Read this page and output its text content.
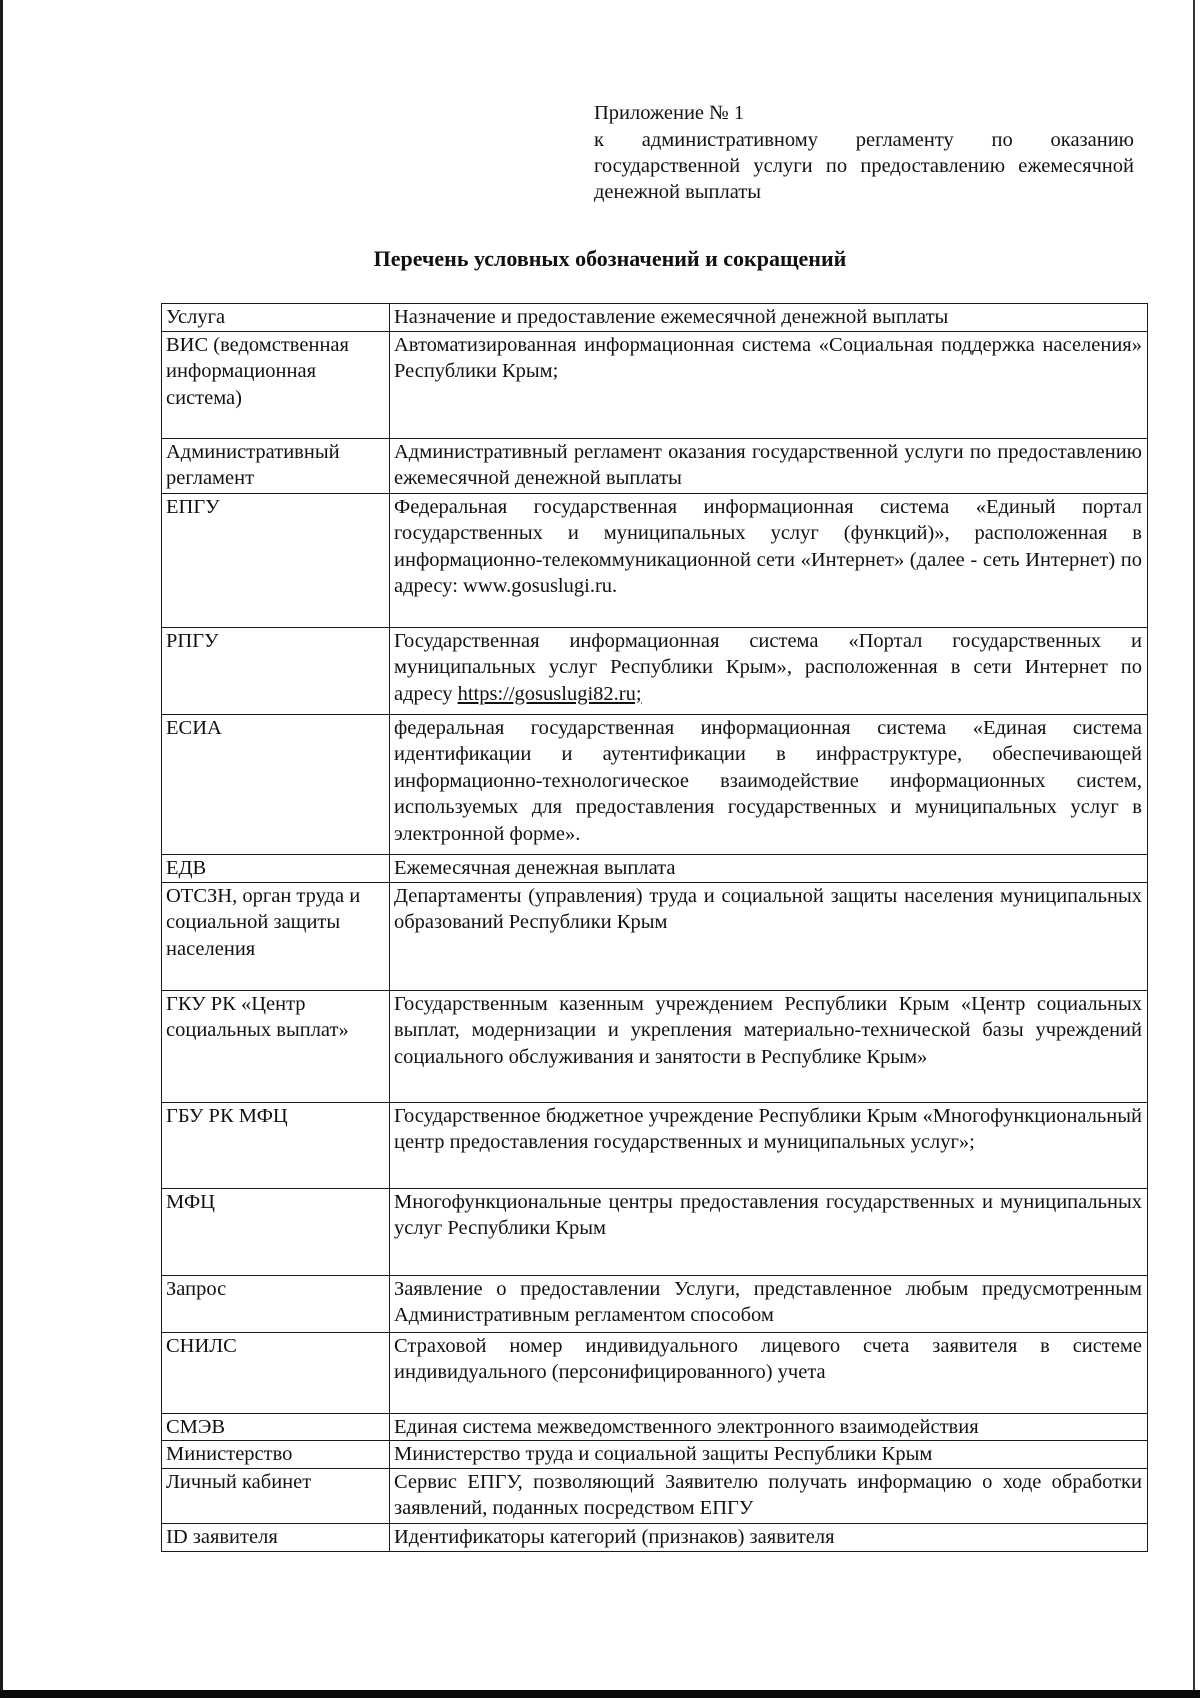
Приложение № 1
к административному регламенту по оказанию государственной услуги по предоставлению ежемесячной денежной выплаты
Перечень условных обозначений и сокращений
Услуга	Назначение и предоставление ежемесячной денежной выплаты
ВИС (ведомственная информационная система)	Автоматизированная информационная система «Социальная поддержка населения» Республики Крым;
Административный регламент	Административный регламент оказания государственной услуги по предоставлению ежемесячной денежной выплаты
ЕПГУ	Федеральная государственная информационная система «Единый портал государственных и муниципальных услуг (функций)», расположенная в информационно-телекоммуникационной сети «Интернет» (далее - сеть Интернет) по адресу: www.gosuslugi.ru.
РПГУ	Государственная информационная система «Портал государственных и муниципальных услуг Республики Крым», расположенная в сети Интернет по адресу https://gosuslugi82.ru;
ЕСИА	федеральная государственная информационная система «Единая система идентификации и аутентификации в инфраструктуре, обеспечивающей информационно-технологическое взаимодействие информационных систем, используемых для предоставления государственных и муниципальных услуг в электронной форме».
ЕДВ	Ежемесячная денежная выплата
ОТСЗН, орган труда и социальной защиты населения	Департаменты (управления) труда и социальной защиты населения муниципальных образований Республики Крым
ГКУ РК «Центр социальных выплат»	Государственным казенным учреждением Республики Крым «Центр социальных выплат, модернизации и укрепления материально-технической базы учреждений социального обслуживания и занятости в Республике Крым»
ГБУ РК МФЦ	Государственное бюджетное учреждение Республики Крым «Многофункциональный центр предоставления государственных и муниципальных услуг»;
МФЦ	Многофункциональные центры предоставления государственных и муниципальных услуг Республики Крым
Запрос	Заявление о предоставлении Услуги, представленное любым предусмотренным Административным регламентом способом
СНИЛС	Страховой номер индивидуального лицевого счета заявителя в системе индивидуального (персонифицированного) учета
СМЭВ	Единая система межведомственного электронного взаимодействия
Министерство	Министерство труда и социальной защиты Республики Крым
Личный кабинет	Сервис ЕПГУ, позволяющий Заявителю получать информацию о ходе обработки заявлений, поданных посредством ЕПГУ
ID заявителя	Идентификаторы категорий (признаков) заявителя
